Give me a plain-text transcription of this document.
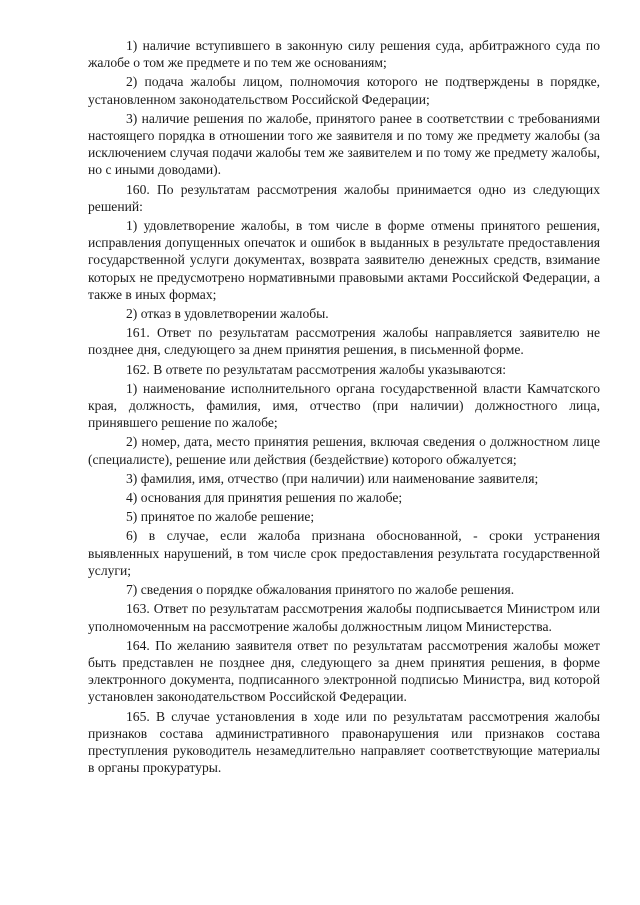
1) наличие вступившего в законную силу решения суда, арбитражного суда по жалобе о том же предмете и по тем же основаниям;

2) подача жалобы лицом, полномочия которого не подтверждены в порядке, установленном законодательством Российской Федерации;

3) наличие решения по жалобе, принятого ранее в соответствии с требованиями настоящего порядка в отношении того же заявителя и по тому же предмету жалобы (за исключением случая подачи жалобы тем же заявителем и по тому же предмету жалобы, но с иными доводами).

160. По результатам рассмотрения жалобы принимается одно из следующих решений:

1) удовлетворение жалобы, в том числе в форме отмены принятого решения, исправления допущенных опечаток и ошибок в выданных в результате предоставления государственной услуги документах, возврата заявителю денежных средств, взимание которых не предусмотрено нормативными правовыми актами Российской Федерации, а также в иных формах;

2) отказ в удовлетворении жалобы.

161. Ответ по результатам рассмотрения жалобы направляется заявителю не позднее дня, следующего за днем принятия решения, в письменной форме.

162. В ответе по результатам рассмотрения жалобы указываются:

1) наименование исполнительного органа государственной власти Камчатского края, должность, фамилия, имя, отчество (при наличии) должностного лица, принявшего решение по жалобе;

2) номер, дата, место принятия решения, включая сведения о должностном лице (специалисте), решение или действия (бездействие) которого обжалуется;

3) фамилия, имя, отчество (при наличии) или наименование заявителя;

4) основания для принятия решения по жалобе;

5) принятое по жалобе решение;

6) в случае, если жалоба признана обоснованной, - сроки устранения выявленных нарушений, в том числе срок предоставления результата государственной услуги;

7) сведения о порядке обжалования принятого по жалобе решения.

163. Ответ по результатам рассмотрения жалобы подписывается Министром или уполномоченным на рассмотрение жалобы должностным лицом Министерства.

164. По желанию заявителя ответ по результатам рассмотрения жалобы может быть представлен не позднее дня, следующего за днем принятия решения, в форме электронного документа, подписанного электронной подписью Министра, вид которой установлен законодательством Российской Федерации.

165. В случае установления в ходе или по результатам рассмотрения жалобы признаков состава административного правонарушения или признаков состава преступления руководитель незамедлительно направляет соответствующие материалы в органы прокуратуры.
